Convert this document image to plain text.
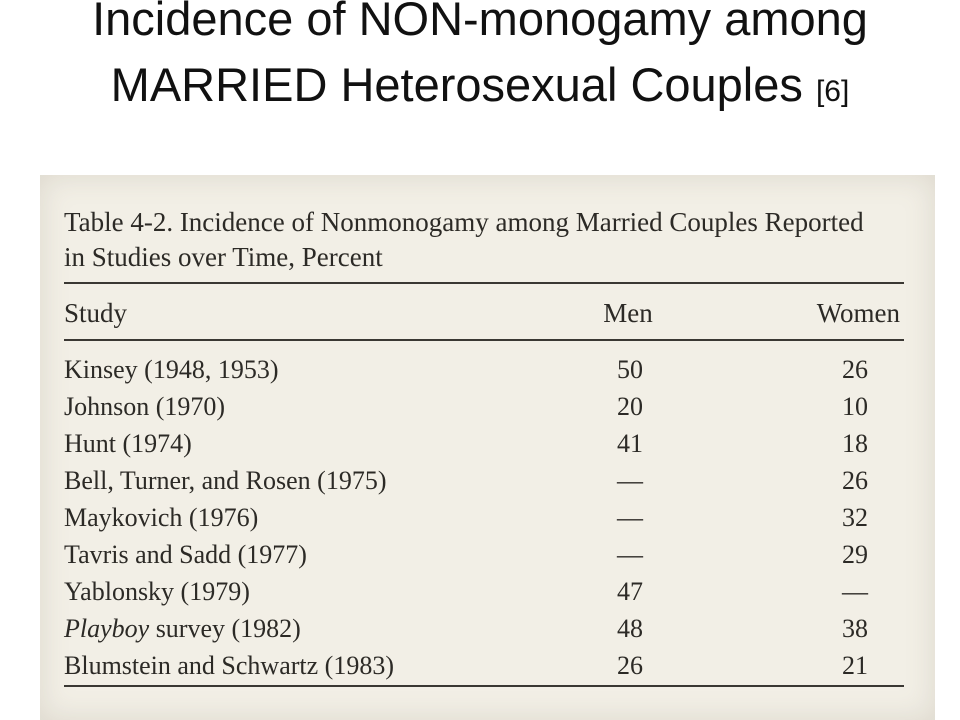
Incidence of NON-monogamy among MARRIED Heterosexual Couples [6]
Table 4-2. Incidence of Nonmonogamy among Married Couples Reported in Studies over Time, Percent
Study	Men	Women
Kinsey (1948, 1953)	50	26
Johnson (1970)	20	10
Hunt (1974)	41	18
Bell, Turner, and Rosen (1975)	—	26
Maykovich (1976)	—	32
Tavris and Sadd (1977)	—	29
Yablonsky (1979)	47	—
Playboy survey (1982)	48	38
Blumstein and Schwartz (1983)	26	21
